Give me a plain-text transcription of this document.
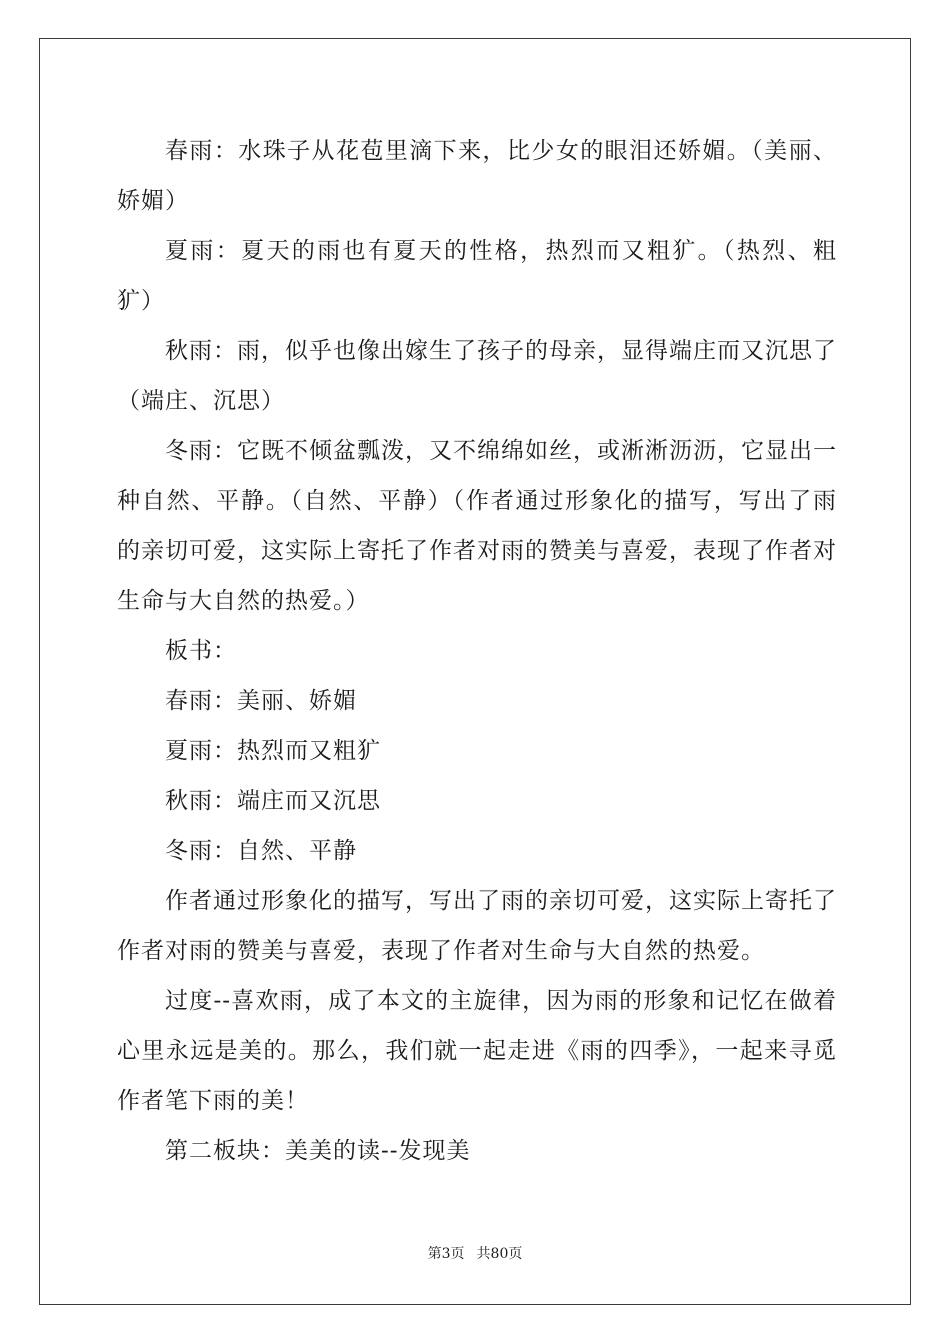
春雨：水珠子从花苞里滴下来，比少女的眼泪还娇媚。（美丽、娇媚）

夏雨：夏天的雨也有夏天的性格，热烈而又粗犷。（热烈、粗犷）

秋雨：雨，似乎也像出嫁生了孩子的母亲，显得端庄而又沉思了（端庄、沉思）

冬雨：它既不倾盆瓢泼，又不绵绵如丝，或淅淅沥沥，它显出一种自然、平静。（自然、平静）（作者通过形象化的描写，写出了雨的亲切可爱，这实际上寄托了作者对雨的赞美与喜爱，表现了作者对生命与大自然的热爱。）

板书：

春雨：美丽、娇媚

夏雨：热烈而又粗犷

秋雨：端庄而又沉思

冬雨：自然、平静

作者通过形象化的描写，写出了雨的亲切可爱，这实际上寄托了作者对雨的赞美与喜爱，表现了作者对生命与大自然的热爱。

过度--喜欢雨，成了本文的主旋律，因为雨的形象和记忆在做着心里永远是美的。那么，我们就一起走进《雨的四季》，一起来寻觅作者笔下雨的美！

第二板块：美美的读--发现美

第3页 共80页
